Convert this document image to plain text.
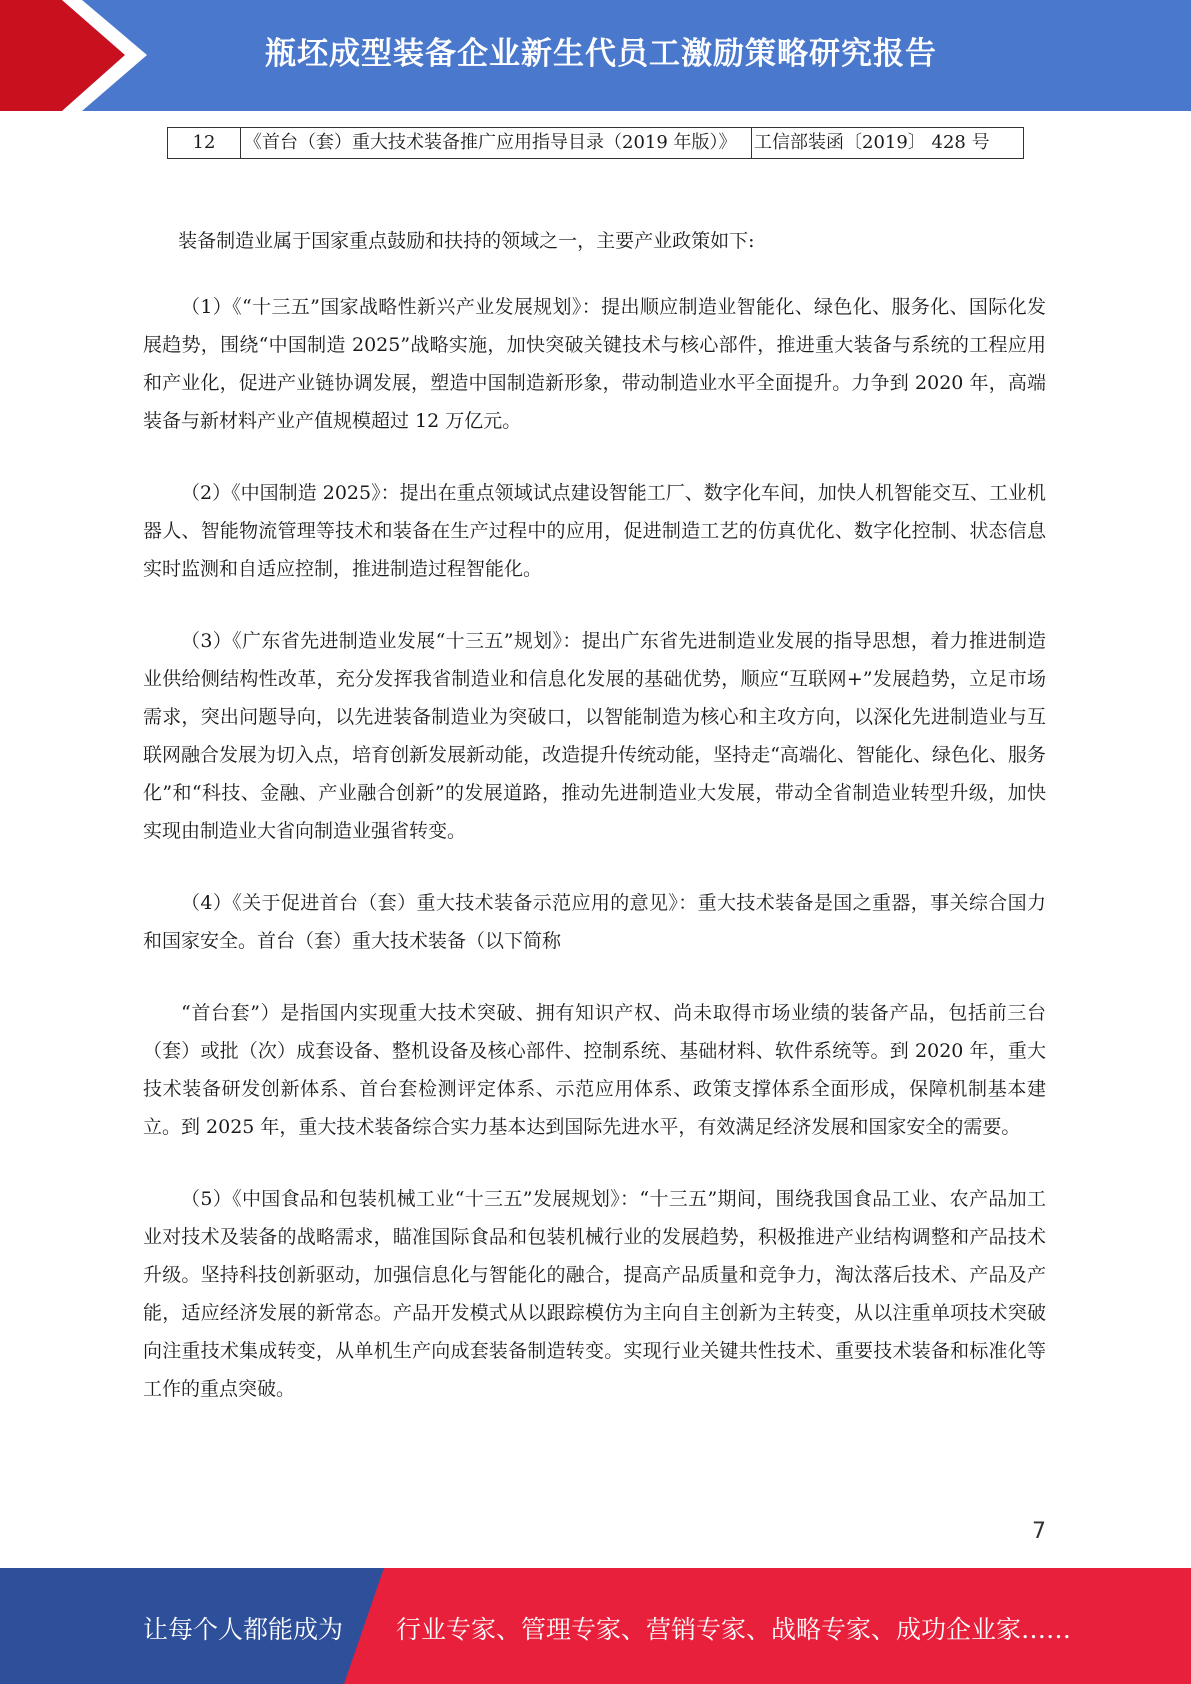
瓶坯成型装备企业新生代员工激励策略研究报告
12	《首台（套）重大技术装备推广应用指导目录（2019 年版）》	工信部装函〔2019〕 428 号

装备制造业属于国家重点鼓励和扶持的领域之一，主要产业政策如下:

（1）《“十三五”国家战略性新兴产业发展规划》：提出顺应制造业智能化、绿色化、服务化、国际化发展趋势，围绕“中国制造 2025”战略实施，加快突破关键技术与核心部件，推进重大装备与系统的工程应用和产业化，促进产业链协调发展，塑造中国制造新形象，带动制造业水平全面提升。力争到 2020 年，高端装备与新材料产业产值规模超过 12 万亿元。

（2）《中国制造 2025》：提出在重点领域试点建设智能工厂、数字化车间，加快人机智能交互、工业机器人、智能物流管理等技术和装备在生产过程中的应用，促进制造工艺的仿真优化、数字化控制、状态信息实时监测和自适应控制，推进制造过程智能化。

（3）《广东省先进制造业发展“十三五”规划》：提出广东省先进制造业发展的指导思想，着力推进制造业供给侧结构性改革，充分发挥我省制造业和信息化发展的基础优势，顺应“互联网+”发展趋势，立足市场需求，突出问题导向，以先进装备制造业为突破口，以智能制造为核心和主攻方向，以深化先进制造业与互联网融合发展为切入点，培育创新发展新动能，改造提升传统动能，坚持走“高端化、智能化、绿色化、服务化”和“科技、金融、产业融合创新”的发展道路，推动先进制造业大发展，带动全省制造业转型升级，加快实现由制造业大省向制造业强省转变。

（4）《关于促进首台（套）重大技术装备示范应用的意见》：重大技术装备是国之重器，事关综合国力和国家安全。首台（套）重大技术装备（以下简称

“首台套”）是指国内实现重大技术突破、拥有知识产权、尚未取得市场业绩的装备产品，包括前三台（套）或批（次）成套设备、整机设备及核心部件、控制系统、基础材料、软件系统等。到 2020 年，重大技术装备研发创新体系、首台套检测评定体系、示范应用体系、政策支撑体系全面形成，保障机制基本建立。到 2025 年，重大技术装备综合实力基本达到国际先进水平，有效满足经济发展和国家安全的需要。

（5）《中国食品和包装机械工业“十三五”发展规划》：“十三五”期间，围绕我国食品工业、农产品加工业对技术及装备的战略需求，瞄准国际食品和包装机械行业的发展趋势，积极推进产业结构调整和产品技术升级。坚持科技创新驱动，加强信息化与智能化的融合，提高产品质量和竞争力，淘汰落后技术、产品及产能，适应经济发展的新常态。产品开发模式从以跟踪模仿为主向自主创新为主转变，从以注重单项技术突破向注重技术集成转变，从单机生产向成套装备制造转变。实现行业关键共性技术、重要技术装备和标准化等工作的重点突破。

7
让每个人都能成为 行业专家、管理专家、营销专家、战略专家、成功企业家……
